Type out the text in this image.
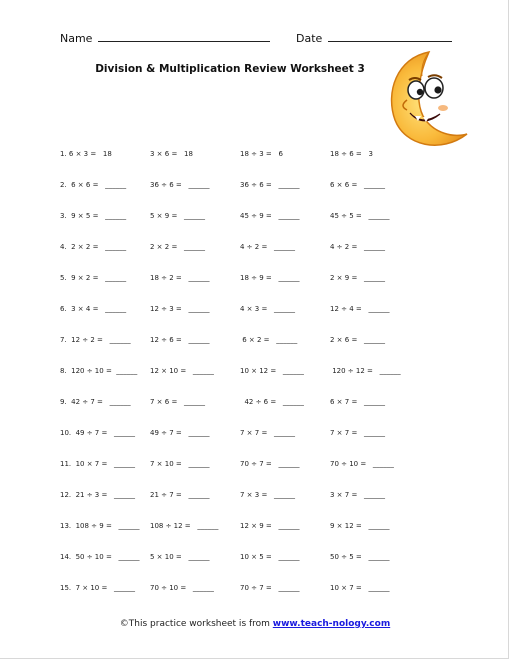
Name	Date
Division & Multiplication Review Worksheet 3
1. 6 × 3 =   18	3 × 6 =   18	18 ÷ 3 =   6	18 ÷ 6 =   3
2.  6 × 6 =   ______	36 ÷ 6 =   ______	36 ÷ 6 =   ______	6 × 6 =   ______
3.  9 × 5 =   ______	5 × 9 =   ______	45 ÷ 9 =   ______	45 ÷ 5 =   ______
4.  2 × 2 =   ______	2 × 2 =   ______	4 ÷ 2 =   ______	4 ÷ 2 =   ______
5.  9 × 2 =   ______	18 ÷ 2 =   ______	18 ÷ 9 =   ______	2 × 9 =   ______
6.  3 × 4 =   ______	12 ÷ 3 =   ______	4 × 3 =   ______	12 ÷ 4 =   ______
7.  12 ÷ 2 =   ______	12 ÷ 6 =   ______	6 × 2 =   ______	2 × 6 =   ______
8.  120 ÷ 10 =  ______ 12 × 10 =   ______	10 × 12 =   ______	120 ÷ 12 =   ______
9.  42 ÷ 7 =   ______	7 × 6 =   ______	42 ÷ 6 =   ______	6 × 7 =   ______
10.  49 ÷ 7 =   ______ 49 ÷ 7 =   ______	7 × 7 =   ______	7 × 7 =   ______
11.  10 × 7 =   ______ 7 × 10 =   ______	70 ÷ 7 =   ______	70 ÷ 10 =   ______
12.  21 ÷ 3 =   ______ 21 ÷ 7 =   ______	7 × 3 =   ______	3 × 7 =   ______
13.  108 ÷ 9 =   ______ 108 ÷ 12 =   ______	12 × 9 =   ______	9 × 12 =   ______
14.  50 ÷ 10 =   ______ 5 × 10 =   ______	10 × 5 =   ______	50 ÷ 5 =   ______
15.  7 × 10 =   ______ 70 ÷ 10 =   ______	70 ÷ 7 =   ______	10 × 7 =   ______
©This practice worksheet is from www.teach-nology.com
